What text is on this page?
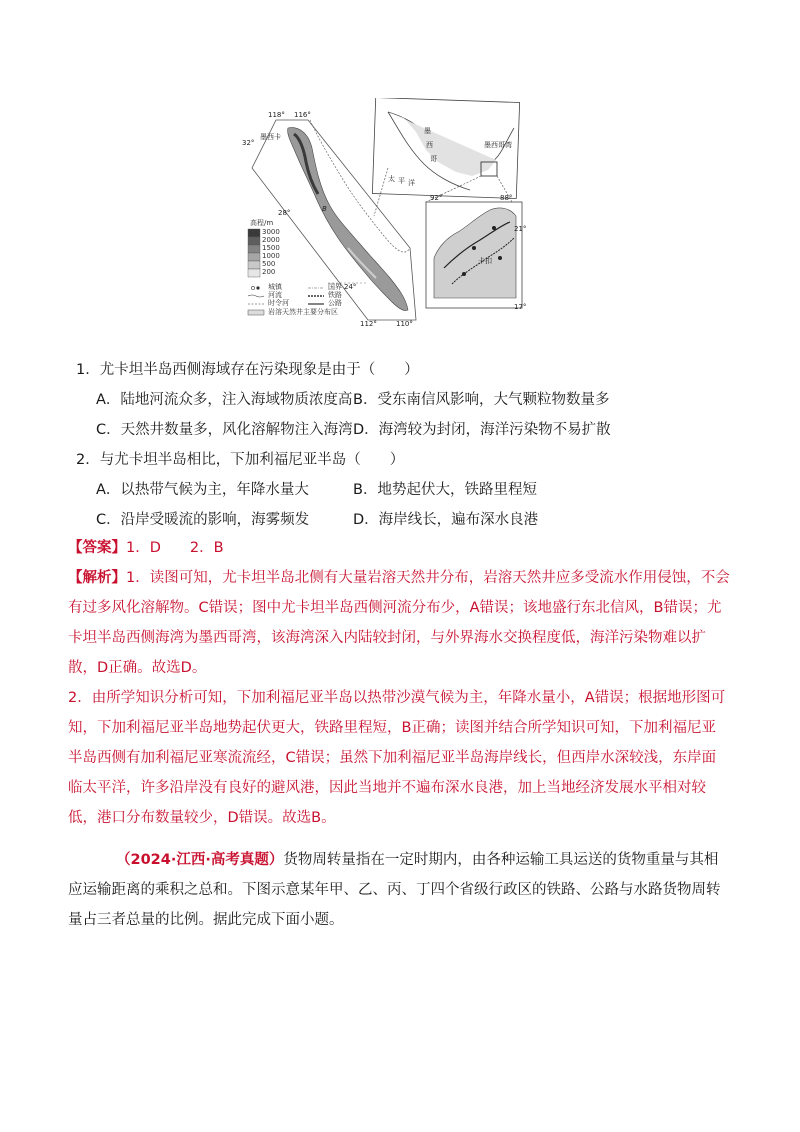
118° 116°
32°
28°
墨西卡
B
112°	110°
24°
高程/m
3000
2000
1500
1000
500
200
城镇
河流
时令河
岩溶天然井主要分布区
国界
铁路
公路
墨
西
哥
太 平 洋
墨西哥湾
92°	88°
21°
17°
卡扣
1．尤卡坦半岛西侧海域存在污染现象是由于（　　）
A．陆地河流众多，注入海域物质浓度高 B．受东南信风影响，大气颗粒物数量多
C．天然井数量多，风化溶解物注入海湾 D．海湾较为封闭，海洋污染物不易扩散
2．与尤卡坦半岛相比，下加利福尼亚半岛（　　）
A．以热带气候为主，年降水量大	B．地势起伏大，铁路里程短
C．沿岸受暖流的影响，海雾频发	D．海岸线长，遍布深水良港
【答案】1．D　　2．B

【解析】1．读图可知，尤卡坦半岛北侧有大量岩溶天然井分布，岩溶天然井应多受流水作用侵蚀，不会有过多风化溶解物。C错误；图中尤卡坦半岛西侧河流分布少，A错误；该地盛行东北信风，B错误；尤卡坦半岛西侧海湾为墨西哥湾，该海湾深入内陆较封闭，与外界海水交换程度低，海洋污染物难以扩散，D正确。故选D。

2．由所学知识分析可知，下加利福尼亚半岛以热带沙漠气候为主，年降水量小，A错误；根据地形图可知，下加利福尼亚半岛地势起伏更大，铁路里程短，B正确；读图并结合所学知识可知，下加利福尼亚半岛西侧有加利福尼亚寒流流经，C错误；虽然下加利福尼亚半岛海岸线长，但西岸水深较浅，东岸面临太平洋，许多沿岸没有良好的避风港，因此当地并不遍布深水良港，加上当地经济发展水平相对较低，港口分布数量较少，D错误。故选B。

（2024·江西·高考真题）货物周转量指在一定时期内，由各种运输工具运送的货物重量与其相应运输距离的乘积之总和。下图示意某年甲、乙、丙、丁四个省级行政区的铁路、公路与水路货物周转量占三者总量的比例。据此完成下面小题。
